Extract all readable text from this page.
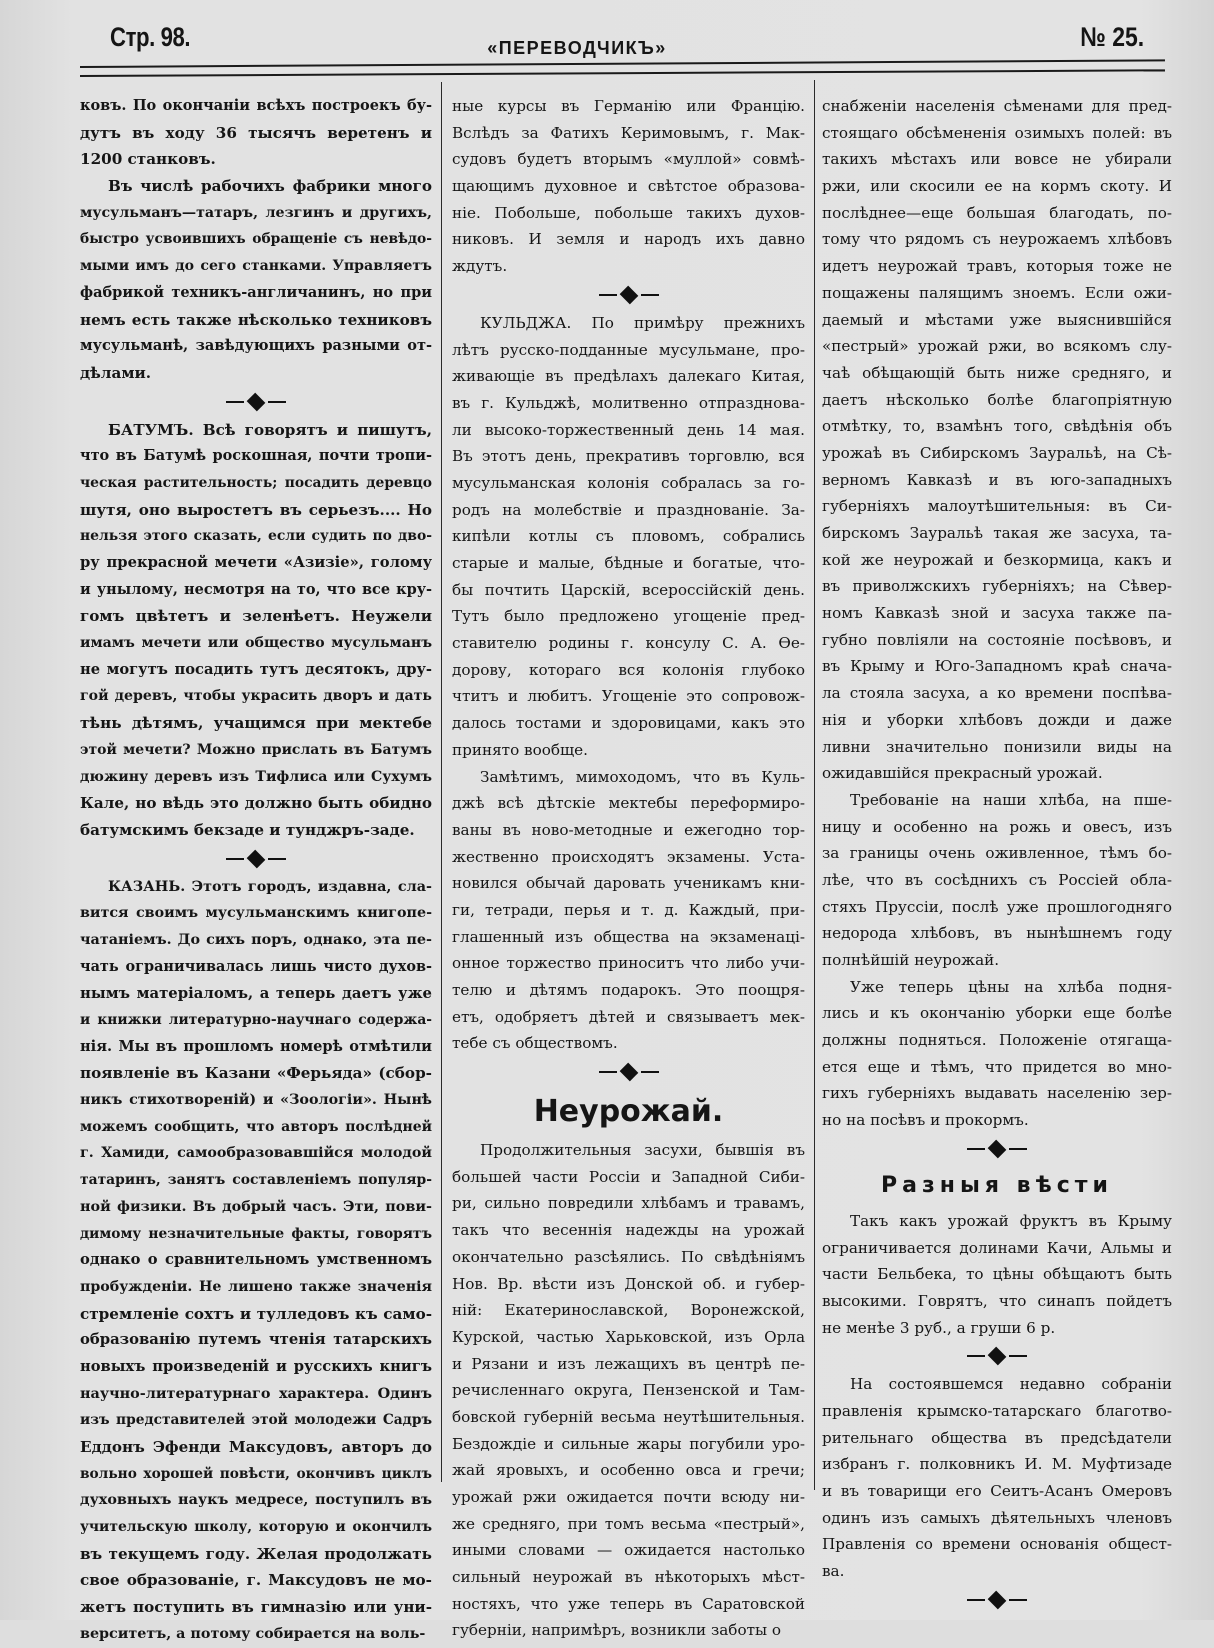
Стр. 98.	«ПЕРЕВОДЧИКЪ»	№ 25.
ковъ. По окончанiи всѣхъ построекъ бу-
дутъ въ ходу 36 тысячъ веретенъ и
1200 станковъ.
Въ числѣ рабочихъ фабрики много
мусульманъ—татаръ, лезгинъ и другихъ,
быстро усвоившихъ обращенiе съ невѣдо-
мыми имъ до сего станками. Управляетъ
фабрикой техникъ-англичанинъ, но при
немъ есть также нѣсколько техниковъ
мусульманѣ, завѣдующихъ разными от-
дѣлами.
БАТУМЪ. Всѣ говорятъ и пишутъ,
что въ Батумѣ роскошная, почти тропи-
ческая растительность; посадить деревцо
шутя, оно выростетъ въ серьезъ.... Но
нельзя этого сказать, если судить по дво-
ру прекрасной мечети «Азизiе», голому
и унылому, несмотря на то, что все кру-
гомъ цвѣтетъ и зеленѣетъ. Неужели
имамъ мечети или общество мусульманъ
не могутъ посадить тутъ десятокъ, дру-
гой деревъ, чтобы украсить дворъ и дать
тѣнь дѣтямъ, учащимся при мектебе
этой мечети? Можно прислать въ Батумъ
дюжину деревъ изъ Тифлиса или Сухумъ
Кале, но вѣдь это должно быть обидно
батумскимъ бекзаде и тунджръ-заде.
КАЗАНЬ. Этотъ городъ, издавна, сла-
вится своимъ мусульманскимъ книгопе-
чатанiемъ. До сихъ поръ, однако, эта пе-
чать ограничивалась лишь чисто духов-
нымъ матерiаломъ, а теперь даетъ уже
и книжки литературно-научнаго содержа-
нiя. Мы въ прошломъ номерѣ отмѣтили
появленiе въ Казани «Ферьяда» (сбор-
никъ стихотворенiй) и «Зоологiи». Нынѣ
можемъ сообщить, что авторъ послѣдней
г. Хамиди, самообразовавшiйся молодой
татаринъ, занятъ составленiемъ популяр-
ной физики. Въ добрый часъ. Эти, пови-
димому незначительные факты, говорятъ
однако о сравнительномъ умственномъ
пробужденiи. Не лишено также значенiя
стремленiе сохтъ и тулледовъ къ само-
образованiю путемъ чтенiя татарскихъ
новыхъ произведенiй и русскихъ книгъ
научно-литературнаго характера. Одинъ
изъ представителей этой молодежи Садръ
Еддонъ Эфенди Максудовъ, авторъ до
вольно хорошей повѣсти, окончивъ циклъ
духовныхъ наукъ медресе, поступилъ въ
учительскую школу, которую и окончилъ
въ текущемъ году. Желая продолжать
свое образованiе, г. Максудовъ не мо-
жетъ поступить въ гимназiю или уни-
верситетъ, а потому собирается на воль-
ные курсы въ Германiю или Францiю.
Вслѣдъ за Фатихъ Керимовымъ, г. Мак-
судовъ будетъ вторымъ «муллой» совмѣ-
щающимъ духовное и свѣтстое образова-
нiе. Побольше, побольше такихъ духов-
никовъ. И земля и народъ ихъ давно
ждутъ.
КУЛЬДЖА. По примѣру прежнихъ
лѣтъ русско-подданные мусульмане, про-
живающiе въ предѣлахъ далекаго Китая,
въ г. Кульджѣ, молитвенно отпраздновa-
ли высоко-торжественный день 14 мая.
Въ этотъ день, прекративъ торговлю, вся
мусульманская колонiя собралась за го-
родъ на молебствiе и празднованiе. За-
кипѣли котлы съ пловомъ, собрались
старые и малые, бѣдные и богатые, что-
бы почтить Царскiй, всероссiйскiй день.
Тутъ было предложено угощенiе пред-
ставителю родины г. консулу С. А. Ѳе-
дорову, котораго вся колонiя глубоко
чтитъ и любитъ. Угощенiе это сопровож-
далось тостами и здоровицами, какъ это
принято вообще.
Замѣтимъ, мимоходомъ, что въ Куль-
джѣ всѣ дѣтскiе мектебы переформиро-
ваны въ ново-методные и ежегодно тор-
жественно происходятъ экзамены. Уста-
новился обычай даровать ученикамъ кни-
ги, тетради, перья и т. д. Каждый, при-
глашенный изъ общества на экзаменацi-
онное торжество приноситъ что либо учи-
телю и дѣтямъ подарокъ. Это поощря-
етъ, одобряетъ дѣтей и связываетъ мек-
тебе съ обществомъ.
Неурожай.
Продолжительныя засухи, бывшiя въ
большей части Россiи и Западной Сиби-
ри, сильно повредили хлѣбамъ и травамъ,
такъ что весеннiя надежды на урожай
окончательно разсѣялись. По свѣдѣнiямъ
Нов. Вр. вѣсти изъ Донской об. и губер-
нiй: Екатеринославской, Воронежской,
Курской, частью Харьковской, изъ Орла
и Рязани и изъ лежащихъ въ центрѣ пе-
речисленнаго округа, Пензенской и Там-
бовской губернiй весьма неутѣшительныя.
Бездождiе и сильные жары погубили уро-
жай яровыхъ, и особенно овса и гречи;
урожай ржи ожидается почти всюду ни-
же средняго, при томъ весьма «пестрый»,
иными словами — ожидается настолько
сильный неурожай въ нѣкоторыхъ мѣст-
ностяхъ, что уже теперь въ Саратовской
губернiи, напримѣръ, возникли заботы о
снабженiи населенiя сѣменами для пред-
стоящаго обсѣмененiя озимыхъ полей: въ
такихъ мѣстахъ или вовсе не убирали
ржи, или скосили ее на кормъ скоту. И
послѣднее—еще большая благодать, по-
тому что рядомъ съ неурожаемъ хлѣбовъ
идетъ неурожай травъ, которыя тоже не
пощажены палящимъ зноемъ. Если ожи-
даемый и мѣстами уже выяснившiйся
«пестрый» урожай ржи, во всякомъ слу-
чаѣ обѣщающiй быть ниже средняго, и
даетъ нѣсколько болѣе благопрiятную
отмѣтку, то, взамѣнъ того, свѣдѣнiя объ
урожаѣ въ Сибирскомъ Зауральѣ, на Сѣ-
верномъ Кавказѣ и въ юго-западныхъ
губернiяхъ малоутѣшительныя: въ Си-
бирскомъ Зауральѣ такая же засуха, та-
кой же неурожай и безкормица, какъ и
въ приволжскихъ губернiяхъ; на Сѣвер-
номъ Кавказѣ зной и засуха также па-
губно повлiяли на состоянiе посѣвовъ, и
въ Крыму и Юго-Западномъ краѣ снача-
ла стояла засуха, а ко времени поспѣва-
нiя и уборки хлѣбовъ дожди и даже
ливни значительно понизили виды на
ожидавшiйся прекрасный урожай.
Требованiе на наши хлѣба, на пше-
ницу и особенно на рожь и овесъ, изъ
за границы очень оживленное, тѣмъ бо-
лѣе, что въ сосѣднихъ съ Россiей обла-
стяхъ Пруссiи, послѣ уже прошлогодняго
недорода хлѣбовъ, въ нынѣшнемъ году
полнѣйшiй неурожай.
Уже теперь цѣны на хлѣба подня-
лись и къ окончанiю уборки еще болѣе
должны подняться. Положенiе отягаща-
ется еще и тѣмъ, что придется во мно-
гихъ губернiяхъ выдавать населенiю зер-
но на посѣвъ и прокормъ.
Разныя вѣсти
Такъ какъ урожай фруктъ въ Крыму
ограничивается долинами Качи, Альмы и
части Бельбека, то цѣны обѣщаютъ быть
высокими. Говрятъ, что синапъ пойдетъ
не менѣе 3 руб., а груши 6 р.
На состоявшемся недавно собранiи
правленiя крымско-татарскаго благотво-
рительнаго общества въ предсѣдатели
избранъ г. полковникъ И. М. Муфтизаде
и въ товарищи его Сеитъ-Асанъ Омеровъ
одинъ изъ самыхъ дѣятельныхъ членовъ
Правленiя со времени основанiя общест-
ва.
